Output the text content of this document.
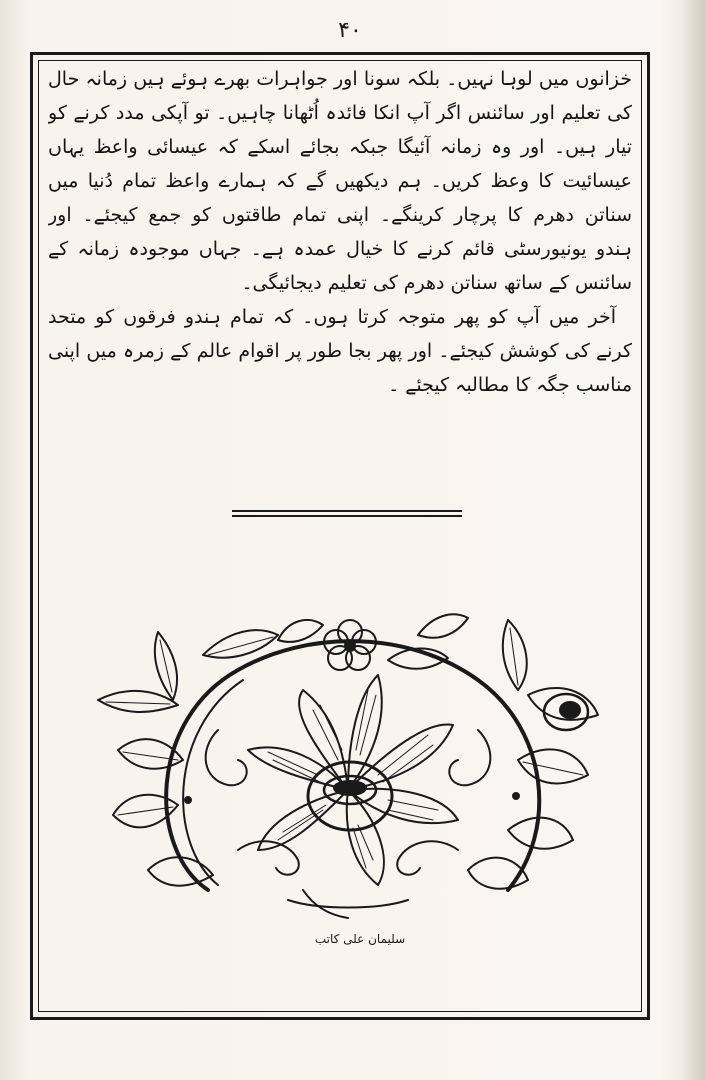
۴۰
خزانوں میں لوہا نہیں۔ بلکہ سونا اور جواہرات بھرے ہوئے ہیں زمانہ حال
کی تعلیم اور سائنس اگر آپ انکا فائدہ اُٹھانا چاہیں۔ تو آپکی مدد کرنے کو
تیار ہیں۔ اور وہ زمانہ آئیگا جبکہ بجائے اسکے کہ عیسائی واعظ یہاں
عیسائیت کا وعظ کریں۔ ہم دیکھیں گے کہ ہمارے واعظ تمام دُنیا میں
سناتن دھرم کا پرچار کرینگے۔ اپنی تمام طاقتوں کو جمع کیجئے۔ اور
ہندو یونیورسٹی قائم کرنے کا خیال عمدہ ہے۔ جہاں موجودہ زمانہ کے
سائنس کے ساتھ سناتن دھرم کی تعلیم دیجائیگی۔
آخر میں آپ کو پھر متوجہ کرتا ہوں۔ کہ تمام ہندو فرقوں کو متحد
کرنے کی کوشش کیجئے۔ اور پھر بجا طور پر اقوام عالم کے زمرہ میں اپنی
مناسب جگہ کا مطالبہ کیجئے ۔
سلیمان علی کاتب
